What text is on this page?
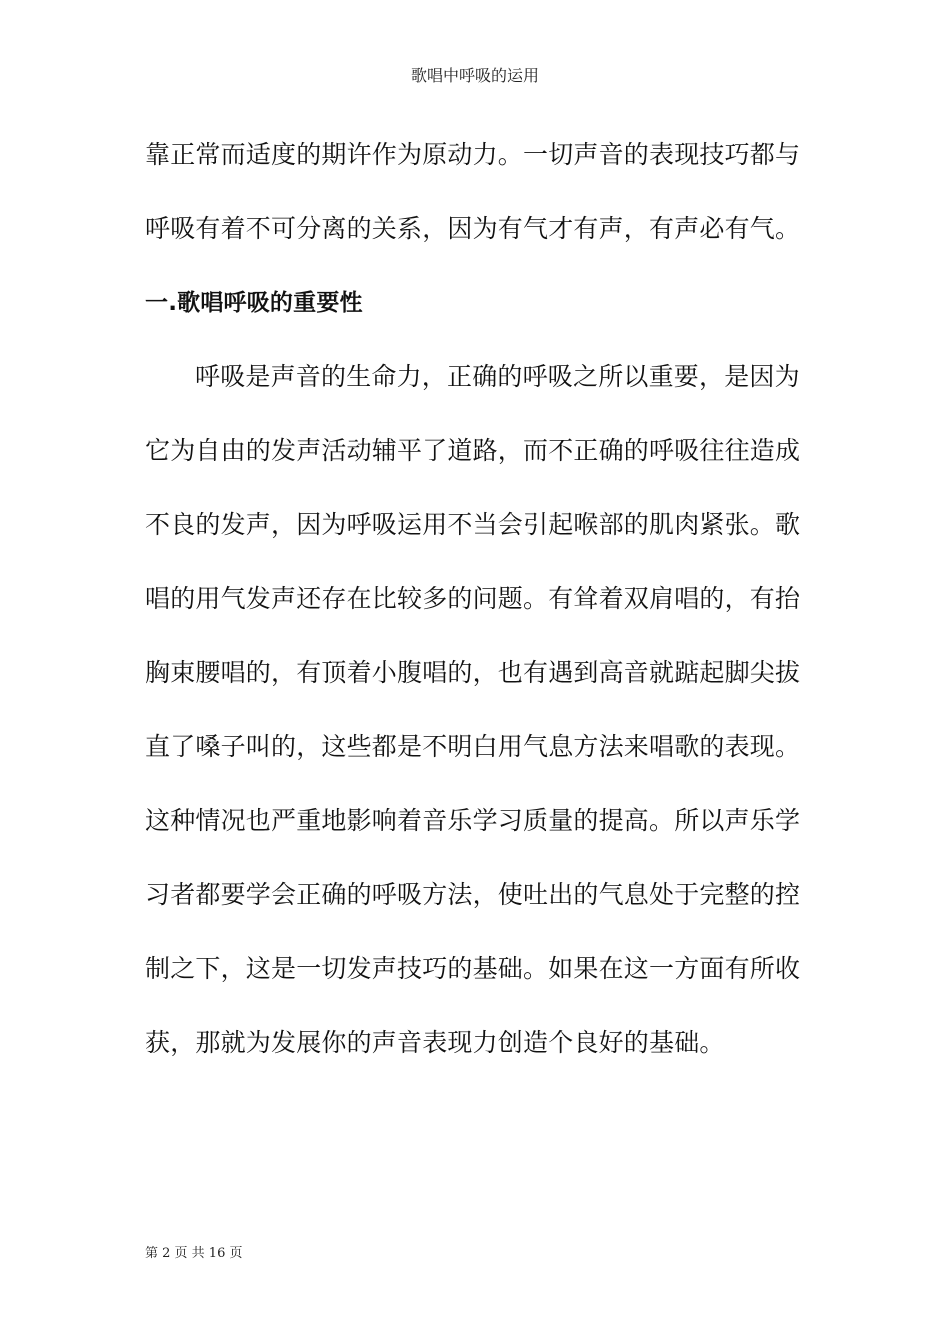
歌唱中呼吸的运用
靠正常而适度的期许作为原动力。一切声音的表现技巧都与
呼吸有着不可分离的关系，因为有气才有声，有声必有气。
一.歌唱呼吸的重要性
呼吸是声音的生命力，正确的呼吸之所以重要，是因为
它为自由的发声活动辅平了道路，而不正确的呼吸往往造成
不良的发声，因为呼吸运用不当会引起喉部的肌肉紧张。歌
唱的用气发声还存在比较多的问题。有耸着双肩唱的，有抬
胸束腰唱的，有顶着小腹唱的，也有遇到高音就踮起脚尖拔
直了嗓子叫的，这些都是不明白用气息方法来唱歌的表现。
这种情况也严重地影响着音乐学习质量的提高。所以声乐学
习者都要学会正确的呼吸方法，使吐出的气息处于完整的控
制之下，这是一切发声技巧的基础。如果在这一方面有所收
获，那就为发展你的声音表现力创造个良好的基础。
第 2 页 共 16 页
